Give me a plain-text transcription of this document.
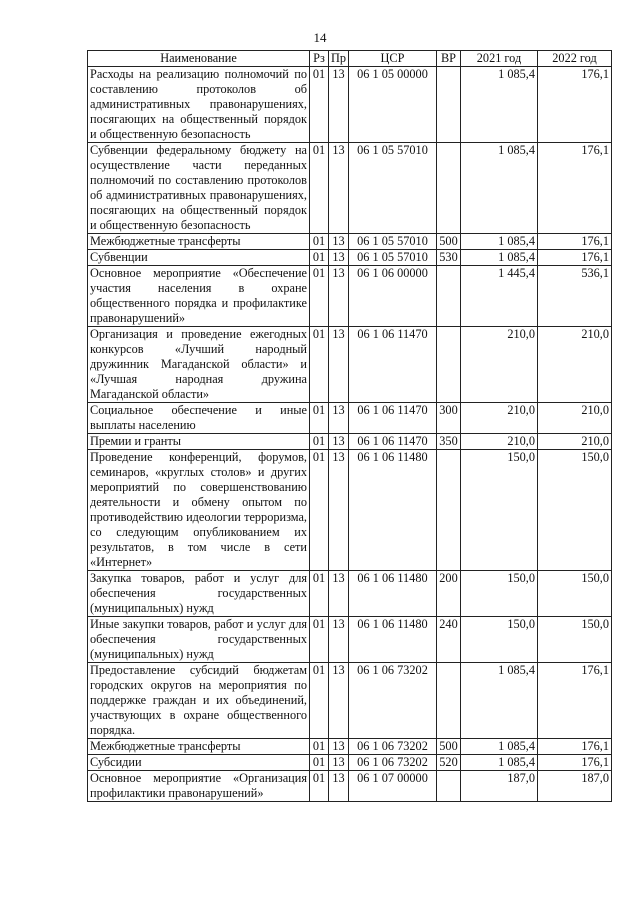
14
Наименование	Рз	Пр	ЦСР	ВР	2021 год	2022 год
Расходы на реализацию полномочий по составлению протоколов об административных правонарушениях, посягающих на общественный порядок и общественную безопасность	01	13	06 1 05 00000		1 085,4	176,1
Субвенции федеральному бюджету на осуществление части переданных полномочий по составлению протоколов об административных правонарушениях, посягающих на общественный порядок и общественную безопасность	01	13	06 1 05 57010		1 085,4	176,1
Межбюджетные трансферты	01	13	06 1 05 57010	500	1 085,4	176,1
Субвенции	01	13	06 1 05 57010	530	1 085,4	176,1
Основное мероприятие «Обеспечение участия населения в охране общественного порядка и профилактике правонарушений»	01	13	06 1 06 00000		1 445,4	536,1
Организация и проведение ежегодных конкурсов «Лучший народный дружинник Магаданской области» и «Лучшая народная дружина Магаданской области»	01	13	06 1 06 11470		210,0	210,0
Социальное обеспечение и иные выплаты населению	01	13	06 1 06 11470	300	210,0	210,0
Премии и гранты	01	13	06 1 06 11470	350	210,0	210,0
Проведение конференций, форумов, семинаров, «круглых столов» и других мероприятий по совершенствованию деятельности и обмену опытом по противодействию идеологии терроризма, со следующим опубликованием их результатов, в том числе в сети «Интернет»	01	13	06 1 06 11480		150,0	150,0
Закупка товаров, работ и услуг для обеспечения государственных (муниципальных) нужд	01	13	06 1 06 11480	200	150,0	150,0
Иные закупки товаров, работ и услуг для обеспечения государственных (муниципальных) нужд	01	13	06 1 06 11480	240	150,0	150,0
Предоставление субсидий бюджетам городских округов на мероприятия по поддержке граждан и их объединений, участвующих в охране общественного порядка.	01	13	06 1 06 73202		1 085,4	176,1
Межбюджетные трансферты	01	13	06 1 06 73202	500	1 085,4	176,1
Субсидии	01	13	06 1 06 73202	520	1 085,4	176,1
Основное мероприятие «Организация профилактики правонарушений»	01	13	06 1 07 00000		187,0	187,0
